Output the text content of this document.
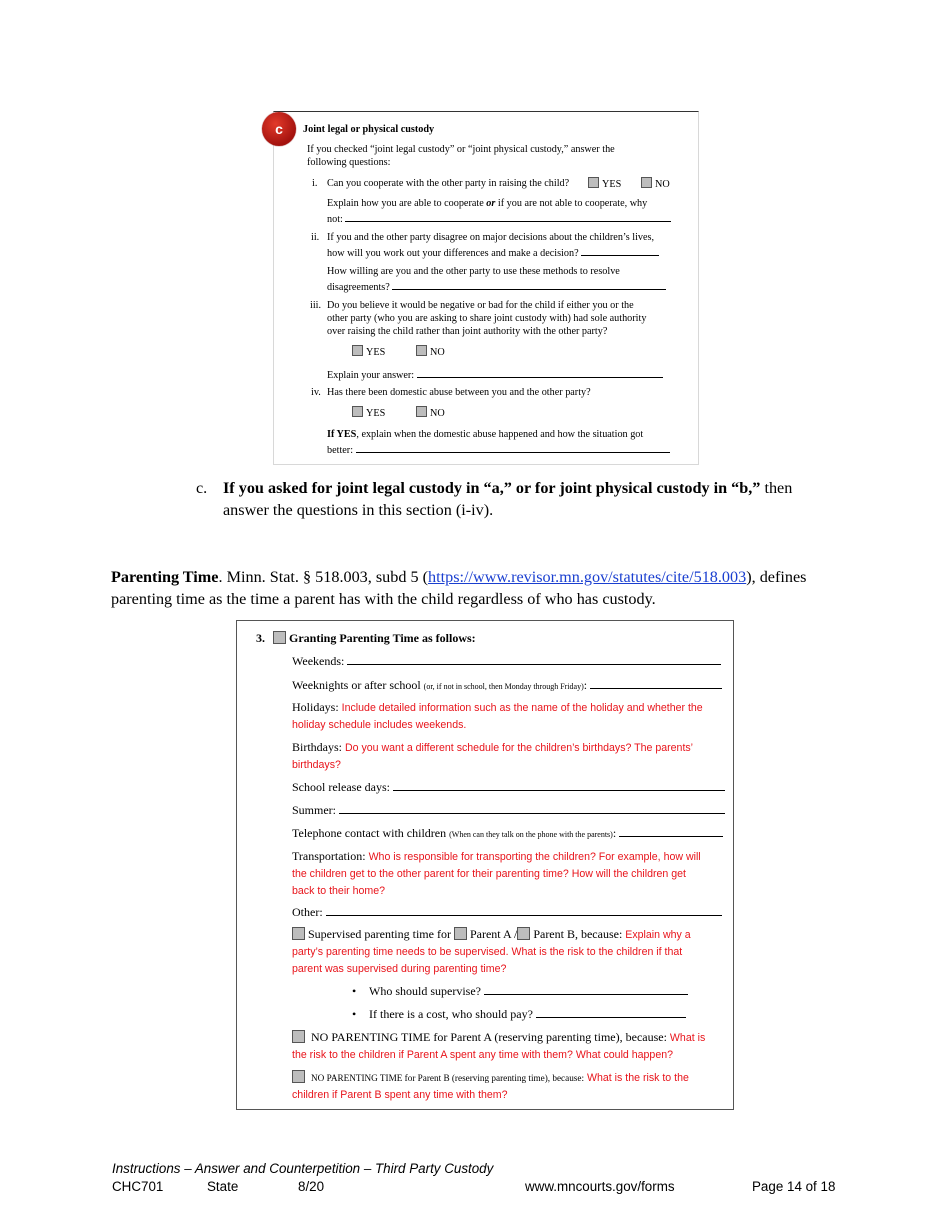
c Joint legal or physical custody
If you checked “joint legal custody” or “joint physical custody,” answer the
following questions:
i. Can you cooperate with the other party in raising the child?	YES	NO
Explain how you are able to cooperate or if you are not able to cooperate, why
not:
ii. If you and the other party disagree on major decisions about the children’s lives,
how will you work out your differences and make a decision?
How willing are you and the other party to use these methods to resolve
disagreements?
iii. Do you believe it would be negative or bad for the child if either you or the
other party (who you are asking to share joint custody with) had sole authority
over raising the child rather than joint authority with the other party?
YES	NO
Explain your answer:
iv. Has there been domestic abuse between you and the other party?
YES	NO
If YES, explain when the domestic abuse happened and how the situation got
better:
c. If you asked for joint legal custody in “a,” or for joint physical custody in “b,” then
answer the questions in this section (i-iv).
Parenting Time. Minn. Stat. § 518.003, subd 5 (https://www.revisor.mn.gov/statutes/cite/518.003), defines
parenting time as the time a parent has with the child regardless of who has custody.
3.	Granting Parenting Time as follows:
Weekends:
Weeknights or after school (or, if not in school, then Monday through Friday):
Holidays: Include detailed information such as the name of the holiday and whether the
holiday schedule includes weekends.
Birthdays: Do you want a different schedule for the children’s birthdays? The parents’
birthdays?
School release days:
Summer:
Telephone contact with children (When can they talk on the phone with the parents):
Transportation: Who is responsible for transporting the children? For example, how will
the children get to the other parent for their parenting time? How will the children get
back to their home?
Other:
Supervised parenting time for Parent A / Parent B, because: Explain why a
party’s parenting time needs to be supervised. What is the risk to the children if that
parent was supervised during parenting time?
• Who should supervise?
• If there is a cost, who should pay?
NO PARENTING TIME for Parent A (reserving parenting time), because: What is
the risk to the children if Parent A spent any time with them? What could happen?
NO PARENTING TIME for Parent B (reserving parenting time), because: What is the risk to the
children if Parent B spent any time with them?
Instructions – Answer and Counterpetition – Third Party Custody
CHC701	State	8/20	www.mncourts.gov/forms	Page 14 of 18
